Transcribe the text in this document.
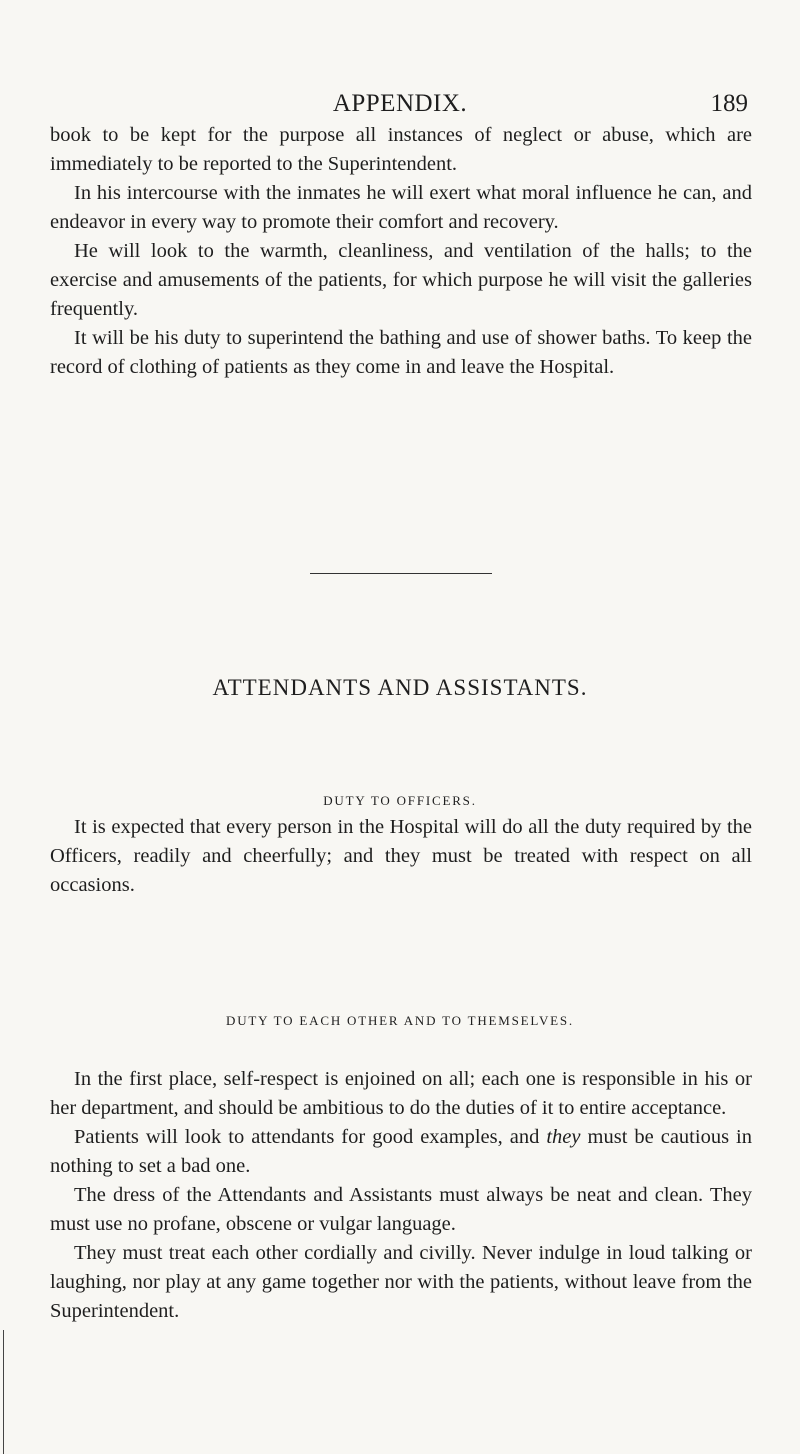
APPENDIX.	189

book to be kept for the purpose all instances of neglect or abuse, which are immediately to be reported to the Superintendent.

In his intercourse with the inmates he will exert what moral influence he can, and endeavor in every way to promote their comfort and recovery.

He will look to the warmth, cleanliness, and ventilation of the halls; to the exercise and amusements of the patients, for which purpose he will visit the galleries frequently.

It will be his duty to superintend the bathing and use of shower baths. To keep the record of clothing of patients as they come in and leave the Hospital.

ATTENDANTS AND ASSISTANTS.
DUTY TO OFFICERS.

It is expected that every person in the Hospital will do all the duty required by the Officers, readily and cheerfully; and they must be treated with respect on all occasions.

DUTY TO EACH OTHER AND TO THEMSELVES.

In the first place, self-respect is enjoined on all; each one is responsible in his or her department, and should be ambitious to do the duties of it to entire acceptance.

Patients will look to attendants for good examples, and they must be cautious in nothing to set a bad one.

The dress of the Attendants and Assistants must always be neat and clean. They must use no profane, obscene or vulgar language.

They must treat each other cordially and civilly. Never indulge in loud talking or laughing, nor play at any game together nor with the patients, without leave from the Superintendent.
